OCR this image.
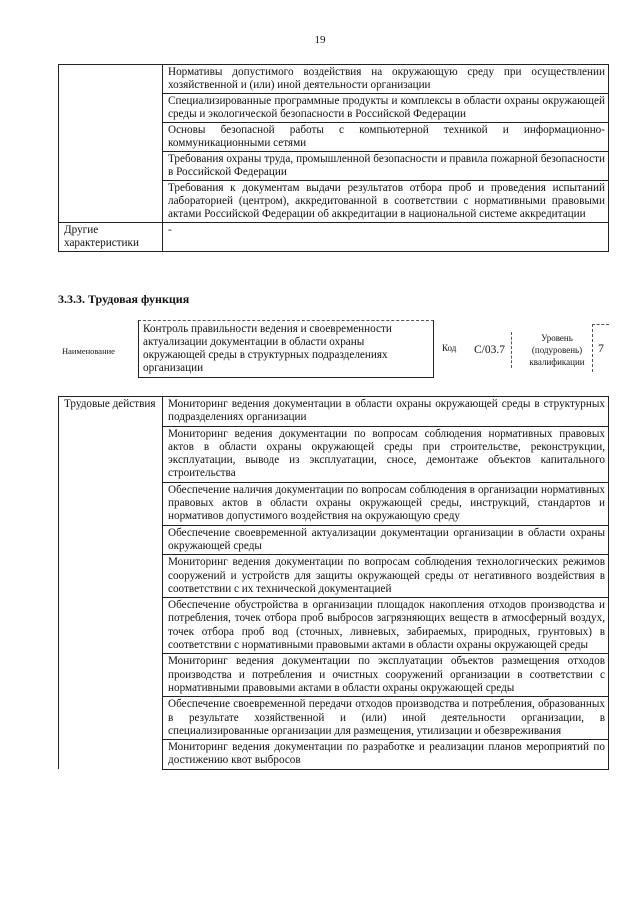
19
	Нормативы допустимого воздействия на окружающую среду при осуществлении хозяйственной и (или) иной деятельности организации
	Специализированные программные продукты и комплексы в области охраны окружающей среды и экологической безопасности в Российской Федерации
	Основы безопасной работы с компьютерной техникой и информационно-коммуникационными сетями
	Требования охраны труда, промышленной безопасности и правила пожарной безопасности в Российской Федерации
	Требования к документам выдачи результатов отбора проб и проведения испытаний лабораторией (центром), аккредитованной в соответствии с нормативными правовыми актами Российской Федерации об аккредитации в национальной системе аккредитации
Другие характеристики	-
3.3.3. Трудовая функция
Наименование
Контроль правильности ведения и своевременности актуализации документации в области охраны окружающей среды в структурных подразделениях организации
Код	C/03.7
Уровень (подуровень) квалификации
7
Трудовые действия	Мониторинг ведения документации в области охраны окружающей среды в структурных подразделениях организации
	Мониторинг ведения документации по вопросам соблюдения нормативных правовых актов в области охраны окружающей среды при строительстве, реконструкции, эксплуатации, выводе из эксплуатации, сносе, демонтаже объектов капитального строительства
	Обеспечение наличия документации по вопросам соблюдения в организации нормативных правовых актов в области охраны окружающей среды, инструкций, стандартов и нормативов допустимого воздействия на окружающую среду
	Обеспечение своевременной актуализации документации организации в области охраны окружающей среды
	Мониторинг ведения документации по вопросам соблюдения технологических режимов сооружений и устройств для защиты окружающей среды от негативного воздействия в соответствии с их технической документацией
	Обеспечение обустройства в организации площадок накопления отходов производства и потребления, точек отбора проб выбросов загрязняющих веществ в атмосферный воздух, точек отбора проб вод (сточных, ливневых, забираемых, природных, грунтовых) в соответствии с нормативными правовыми актами в области охраны окружающей среды
	Мониторинг ведения документации по эксплуатации объектов размещения отходов производства и потребления и очистных сооружений организации в соответствии с нормативными правовыми актами в области охраны окружающей среды
	Обеспечение своевременной передачи отходов производства и потребления, образованных в результате хозяйственной и (или) иной деятельности организации, в специализированные организации для размещения, утилизации и обезвреживания
	Мониторинг ведения документации по разработке и реализации планов мероприятий по достижению квот выбросов
